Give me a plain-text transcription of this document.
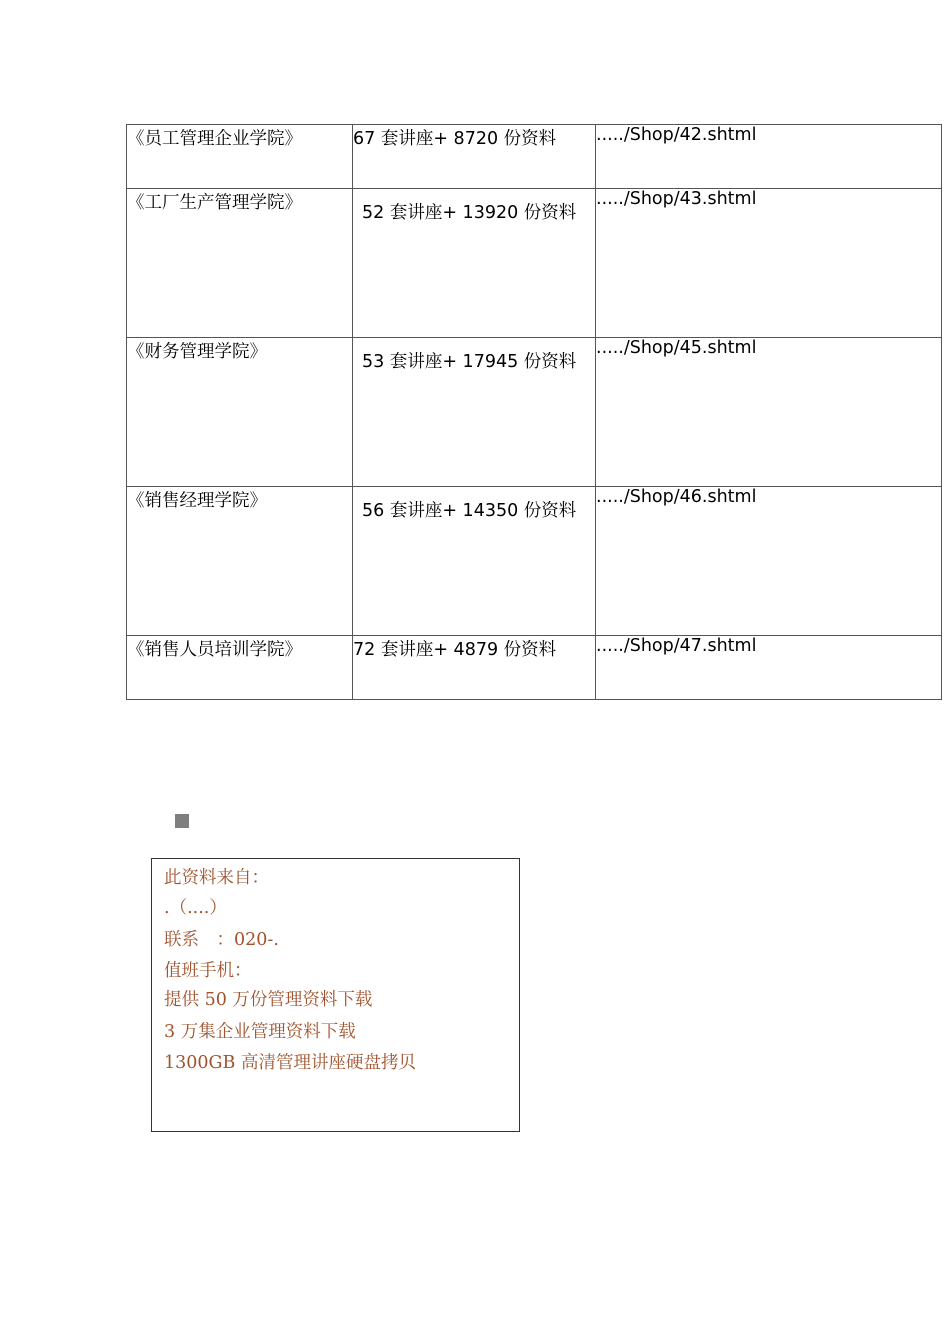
《员工管理企业学院》	67 套讲座+ 8720 份资料	...../Shop/42.shtml
《工厂生产管理学院》	52 套讲座+ 13920 份资料	...../Shop/43.shtml
《财务管理学院》	53 套讲座+ 17945 份资料	...../Shop/45.shtml
《销售经理学院》	56 套讲座+ 14350 份资料	...../Shop/46.shtml
《销售人员培训学院》	72 套讲座+ 4879 份资料	...../Shop/47.shtml
此资料来自：
.（....）
联系　：020-.
值班手机：
提供 50 万份管理资料下载
3 万集企业管理资料下载
1300GB 高清管理讲座硬盘拷贝
